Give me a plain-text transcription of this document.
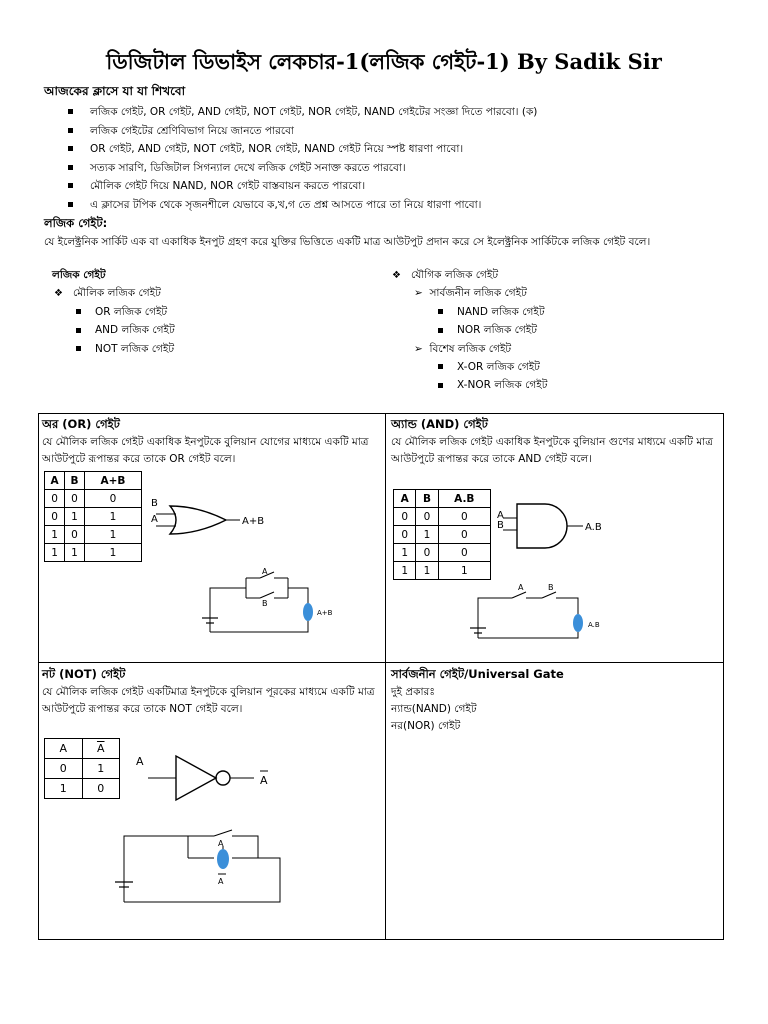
ডিজিটাল ডিভাইস লেকচার-1(লজিক গেইট-1) By Sadik Sir
আজকের ক্লাসে যা যা শিখবো
লজিক গেইট, OR গেইট, AND গেইট, NOT গেইট, NOR গেইট, NAND গেইটের সংজ্ঞা দিতে পারবো। (ক)
লজিক গেইটের শ্রেণিবিভাগ নিয়ে জানতে পারবো
OR গেইট, AND গেইট, NOT গেইট, NOR গেইট, NAND গেইট নিয়ে স্পষ্ট ধারণা পাবো।
সত্যক সারণি, ডিজিটাল সিগন্যাল দেখে লজিক গেইট সনাক্ত করতে পারবো।
মৌলিক গেইট দিয়ে NAND, NOR গেইট বাস্তবায়ন করতে পারবো।
এ ক্লাসের টপিক থেকে সৃজনশীলে যেভাবে ক,খ,গ তে প্রশ্ন আসতে পারে তা নিয়ে ধারণা পাবো।
লজিক গেইট:
যে ইলেক্ট্রনিক সার্কিট এক বা একাধিক ইনপুট গ্রহণ করে যুক্তির ভিত্তিতে একটি মাত্র আউটপুট প্রদান করে সে ইলেক্ট্রনিক সার্কিটকে লজিক গেইট বলে।
লজিক গেইট
❖ মৌলিক লজিক গেইট
OR লজিক গেইট
AND লজিক গেইট
NOT লজিক গেইট
❖ যৌগিক লজিক গেইট
➢ সার্বজনীন লজিক গেইট
NAND লজিক গেইট
NOR লজিক গেইট
➢ বিশেষ লজিক গেইট
X-OR লজিক গেইট
X-NOR লজিক গেইট
অর (OR) গেইট
যে মৌলিক লজিক গেইট একাধিক ইনপুটকে বুলিয়ান যোগের মাধ্যমে একটি মাত্র আউটপুটে রূপান্তর করে তাকে OR গেইট বলে।
A	B	A+B
0	0	0
0	1	1
1	0	1
1	1	1
B
A	A+B
A
B
A+B
অ্যান্ড (AND) গেইট
যে মৌলিক লজিক গেইট একাধিক ইনপুটকে বুলিয়ান গুণের মাধ্যমে একটি মাত্র আউটপুটে রূপান্তর করে তাকে AND গেইট বলে।
A	B	A.B
0	0	0
0	1	0
1	0	0
1	1	1
A
B	A.B
A	B
A.B
নট (NOT) গেইট
যে মৌলিক লজিক গেইট একটিমাত্র ইনপুটকে বুলিয়ান পূরকের মাধ্যমে একটি মাত্র আউটপুটে রূপান্তর করে তাকে NOT গেইট বলে।
A	$\overline{A}$
0	1
1	0
A
A
A
A
সার্বজনীন গেইট/Universal Gate
দুই প্রকারঃ
ন্যান্ড(NAND) গেইট
নর(NOR) গেইট
